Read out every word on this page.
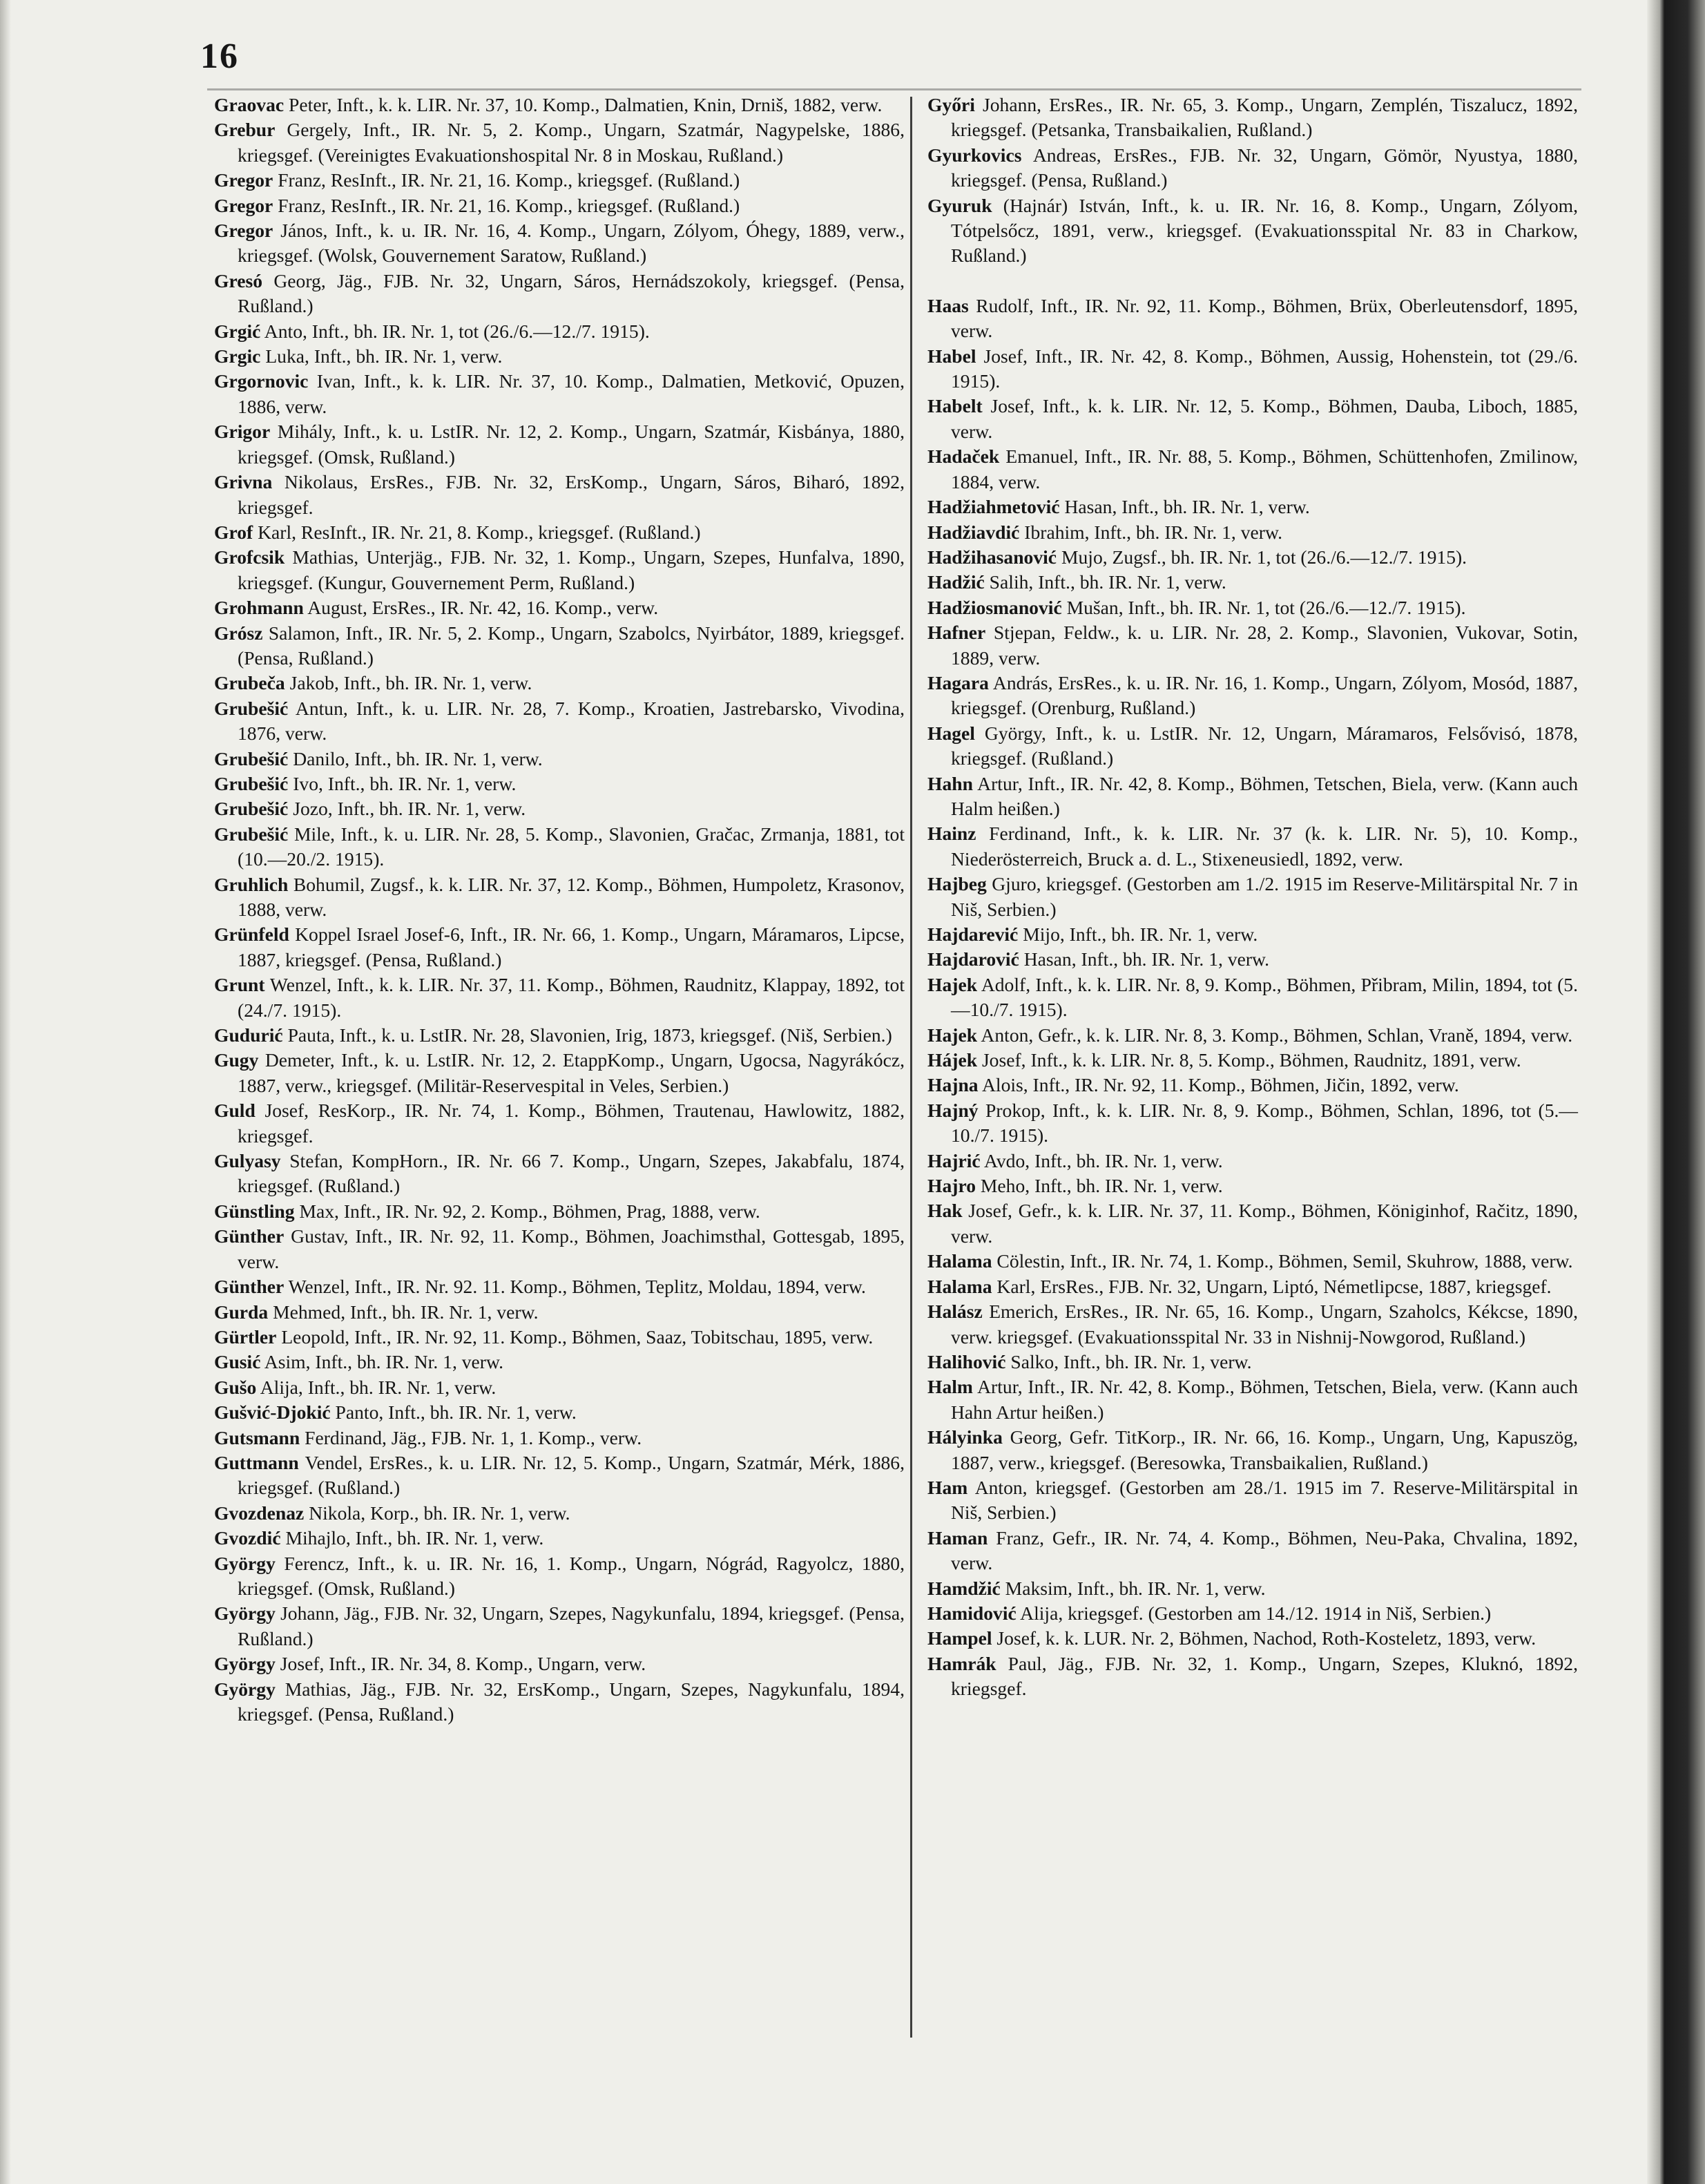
16

Graovac Peter, Inft., k. k. LIR. Nr. 37, 10. Komp., Dalmatien, Knin, Drniš, 1882, verw.

Grebur Gergely, Inft., IR. Nr. 5, 2. Komp., Ungarn, Szatmár, Nagypelske, 1886, kriegsgef. (Vereinigtes Evakuationshospital Nr. 8 in Moskau, Rußland.)

Gregor Franz, ResInft., IR. Nr. 21, 16. Komp., kriegsgef. (Rußland.)

Gregor Franz, ResInft., IR. Nr. 21, 16. Komp., kriegsgef. (Rußland.)

Gregor János, Inft., k. u. IR. Nr. 16, 4. Komp., Ungarn, Zólyom, Óhegy, 1889, verw., kriegsgef. (Wolsk, Gouvernement Saratow, Rußland.)

Gresó Georg, Jäg., FJB. Nr. 32, Ungarn, Sáros, Hernádszokoly, kriegsgef. (Pensa, Rußland.)

Grgić Anto, Inft., bh. IR. Nr. 1, tot (26./6.—12./7. 1915).

Grgic Luka, Inft., bh. IR. Nr. 1, verw.

Grgornovic Ivan, Inft., k. k. LIR. Nr. 37, 10. Komp., Dalmatien, Metković, Opuzen, 1886, verw.

Grigor Mihály, Inft., k. u. LstIR. Nr. 12, 2. Komp., Ungarn, Szatmár, Kisbánya, 1880, kriegsgef. (Omsk, Rußland.)

Grivna Nikolaus, ErsRes., FJB. Nr. 32, ErsKomp., Ungarn, Sáros, Biharó, 1892, kriegsgef.

Grof Karl, ResInft., IR. Nr. 21, 8. Komp., kriegsgef. (Rußland.)

Grofcsik Mathias, Unterjäg., FJB. Nr. 32, 1. Komp., Ungarn, Szepes, Hunfalva, 1890, kriegsgef. (Kungur, Gouvernement Perm, Rußland.)

Grohmann August, ErsRes., IR. Nr. 42, 16. Komp., verw.

Grósz Salamon, Inft., IR. Nr. 5, 2. Komp., Ungarn, Szabolcs, Nyirbátor, 1889, kriegsgef. (Pensa, Rußland.)

Grubeča Jakob, Inft., bh. IR. Nr. 1, verw.

Grubešić Antun, Inft., k. u. LIR. Nr. 28, 7. Komp., Kroatien, Jastrebarsko, Vivodina, 1876, verw.

Grubešić Danilo, Inft., bh. IR. Nr. 1, verw.

Grubešić Ivo, Inft., bh. IR. Nr. 1, verw.

Grubešić Jozo, Inft., bh. IR. Nr. 1, verw.

Grubešić Mile, Inft., k. u. LIR. Nr. 28, 5. Komp., Slavonien, Gračac, Zrmanja, 1881, tot (10.—20./2. 1915).

Gruhlich Bohumil, Zugsf., k. k. LIR. Nr. 37, 12. Komp., Böhmen, Humpoletz, Krasonov, 1888, verw.

Grünfeld Koppel Israel Josef-6, Inft., IR. Nr. 66, 1. Komp., Ungarn, Máramaros, Lipcse, 1887, kriegsgef. (Pensa, Rußland.)

Grunt Wenzel, Inft., k. k. LIR. Nr. 37, 11. Komp., Böhmen, Raudnitz, Klappay, 1892, tot (24./7. 1915).

Gudurić Pauta, Inft., k. u. LstIR. Nr. 28, Slavonien, Irig, 1873, kriegsgef. (Niš, Serbien.)

Gugy Demeter, Inft., k. u. LstIR. Nr. 12, 2. EtappKomp., Ungarn, Ugocsa, Nagyrákócz, 1887, verw., kriegsgef. (Militär-Reservespital in Veles, Serbien.)

Guld Josef, ResKorp., IR. Nr. 74, 1. Komp., Böhmen, Trautenau, Hawlowitz, 1882, kriegsgef.

Gulyasy Stefan, KompHorn., IR. Nr. 66 7. Komp., Ungarn, Szepes, Jakabfalu, 1874, kriegsgef. (Rußland.)

Günstling Max, Inft., IR. Nr. 92, 2. Komp., Böhmen, Prag, 1888, verw.

Günther Gustav, Inft., IR. Nr. 92, 11. Komp., Böhmen, Joachimsthal, Gottesgab, 1895, verw.

Günther Wenzel, Inft., IR. Nr. 92. 11. Komp., Böhmen, Teplitz, Moldau, 1894, verw.

Gurda Mehmed, Inft., bh. IR. Nr. 1, verw.

Gürtler Leopold, Inft., IR. Nr. 92, 11. Komp., Böhmen, Saaz, Tobitschau, 1895, verw.

Gusić Asim, Inft., bh. IR. Nr. 1, verw.

Gušo Alija, Inft., bh. IR. Nr. 1, verw.

Gušvić-Djokić Panto, Inft., bh. IR. Nr. 1, verw.

Gutsmann Ferdinand, Jäg., FJB. Nr. 1, 1. Komp., verw.

Guttmann Vendel, ErsRes., k. u. LIR. Nr. 12, 5. Komp., Ungarn, Szatmár, Mérk, 1886, kriegsgef. (Rußland.)

Gvozdenaz Nikola, Korp., bh. IR. Nr. 1, verw.

Gvozdić Mihajlo, Inft., bh. IR. Nr. 1, verw.

György Ferencz, Inft., k. u. IR. Nr. 16, 1. Komp., Ungarn, Nógrád, Ragyolcz, 1880, kriegsgef. (Omsk, Rußland.)

György Johann, Jäg., FJB. Nr. 32, Ungarn, Szepes, Nagykunfalu, 1894, kriegsgef. (Pensa, Rußland.)

György Josef, Inft., IR. Nr. 34, 8. Komp., Ungarn, verw.

György Mathias, Jäg., FJB. Nr. 32, ErsKomp., Ungarn, Szepes, Nagykunfalu, 1894, kriegsgef. (Pensa, Rußland.)

Győri Johann, ErsRes., IR. Nr. 65, 3. Komp., Ungarn, Zemplén, Tiszalucz, 1892, kriegsgef. (Petsanka, Transbaikalien, Rußland.)

Gyurkovics Andreas, ErsRes., FJB. Nr. 32, Ungarn, Gömör, Nyustya, 1880, kriegsgef. (Pensa, Rußland.)

Gyuruk (Hajnár) István, Inft., k. u. IR. Nr. 16, 8. Komp., Ungarn, Zólyom, Tótpelsőcz, 1891, verw., kriegsgef. (Evakuationsspital Nr. 83 in Charkow, Rußland.)

Haas Rudolf, Inft., IR. Nr. 92, 11. Komp., Böhmen, Brüx, Oberleutensdorf, 1895, verw.

Habel Josef, Inft., IR. Nr. 42, 8. Komp., Böhmen, Aussig, Hohenstein, tot (29./6. 1915).

Habelt Josef, Inft., k. k. LIR. Nr. 12, 5. Komp., Böhmen, Dauba, Liboch, 1885, verw.

Hadaček Emanuel, Inft., IR. Nr. 88, 5. Komp., Böhmen, Schüttenhofen, Zmilinow, 1884, verw.

Hadžiahmetović Hasan, Inft., bh. IR. Nr. 1, verw.

Hadžiavdić Ibrahim, Inft., bh. IR. Nr. 1, verw.

Hadžihasanović Mujo, Zugsf., bh. IR. Nr. 1, tot (26./6.—12./7. 1915).

Hadžić Salih, Inft., bh. IR. Nr. 1, verw.

Hadžiosmanović Mušan, Inft., bh. IR. Nr. 1, tot (26./6.—12./7. 1915).

Hafner Stjepan, Feldw., k. u. LIR. Nr. 28, 2. Komp., Slavonien, Vukovar, Sotin, 1889, verw.

Hagara András, ErsRes., k. u. IR. Nr. 16, 1. Komp., Ungarn, Zólyom, Mosód, 1887, kriegsgef. (Orenburg, Rußland.)

Hagel György, Inft., k. u. LstIR. Nr. 12, Ungarn, Máramaros, Felsővisó, 1878, kriegsgef. (Rußland.)

Hahn Artur, Inft., IR. Nr. 42, 8. Komp., Böhmen, Tetschen, Biela, verw. (Kann auch Halm heißen.)

Hainz Ferdinand, Inft., k. k. LIR. Nr. 37 (k. k. LIR. Nr. 5), 10. Komp., Niederösterreich, Bruck a. d. L., Stixeneusiedl, 1892, verw.

Hajbeg Gjuro, kriegsgef. (Gestorben am 1./2. 1915 im Reserve-Militärspital Nr. 7 in Niš, Serbien.)

Hajdarević Mijo, Inft., bh. IR. Nr. 1, verw.

Hajdarović Hasan, Inft., bh. IR. Nr. 1, verw.

Hajek Adolf, Inft., k. k. LIR. Nr. 8, 9. Komp., Böhmen, Přibram, Milin, 1894, tot (5.—10./7. 1915).

Hajek Anton, Gefr., k. k. LIR. Nr. 8, 3. Komp., Böhmen, Schlan, Vraně, 1894, verw.

Hájek Josef, Inft., k. k. LIR. Nr. 8, 5. Komp., Böhmen, Raudnitz, 1891, verw.

Hajna Alois, Inft., IR. Nr. 92, 11. Komp., Böhmen, Jičin, 1892, verw.

Hajný Prokop, Inft., k. k. LIR. Nr. 8, 9. Komp., Böhmen, Schlan, 1896, tot (5.—10./7. 1915).

Hajrić Avdo, Inft., bh. IR. Nr. 1, verw.

Hajro Meho, Inft., bh. IR. Nr. 1, verw.

Hak Josef, Gefr., k. k. LIR. Nr. 37, 11. Komp., Böhmen, Königinhof, Račitz, 1890, verw.

Halama Cölestin, Inft., IR. Nr. 74, 1. Komp., Böhmen, Semil, Skuhrow, 1888, verw.

Halama Karl, ErsRes., FJB. Nr. 32, Ungarn, Liptó, Németlipcse, 1887, kriegsgef.

Halász Emerich, ErsRes., IR. Nr. 65, 16. Komp., Ungarn, Szaholcs, Kékcse, 1890, verw. kriegsgef. (Evakuationsspital Nr. 33 in Nishnij-Nowgorod, Rußland.)

Halihović Salko, Inft., bh. IR. Nr. 1, verw.

Halm Artur, Inft., IR. Nr. 42, 8. Komp., Böhmen, Tetschen, Biela, verw. (Kann auch Hahn Artur heißen.)

Hályinka Georg, Gefr. TitKorp., IR. Nr. 66, 16. Komp., Ungarn, Ung, Kapuszög, 1887, verw., kriegsgef. (Beresowka, Transbaikalien, Rußland.)

Ham Anton, kriegsgef. (Gestorben am 28./1. 1915 im 7. Reserve-Militärspital in Niš, Serbien.)

Haman Franz, Gefr., IR. Nr. 74, 4. Komp., Böhmen, Neu-Paka, Chvalina, 1892, verw.

Hamdžić Maksim, Inft., bh. IR. Nr. 1, verw.

Hamidović Alija, kriegsgef. (Gestorben am 14./12. 1914 in Niš, Serbien.)

Hampel Josef, k. k. LUR. Nr. 2, Böhmen, Nachod, Roth-Kosteletz, 1893, verw.

Hamrák Paul, Jäg., FJB. Nr. 32, 1. Komp., Ungarn, Szepes, Kluknó, 1892, kriegsgef.
